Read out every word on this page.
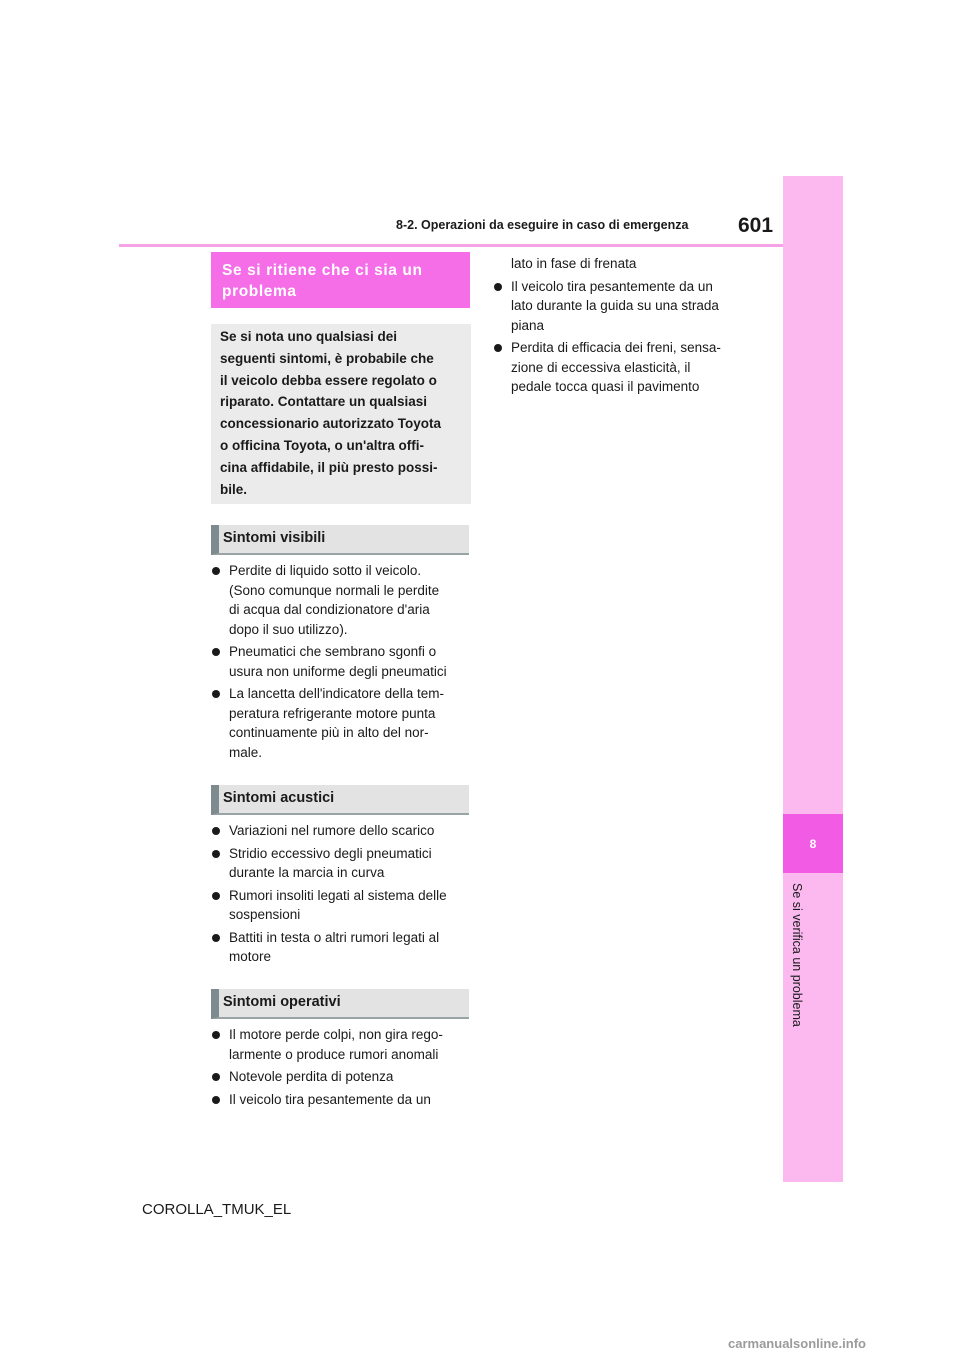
8-2. Operazioni da eseguire in caso di emergenza 601
8
Se si verifica un problema
Se si ritiene che ci sia un
problema
Se si nota uno qualsiasi dei
seguenti sintomi, è probabile che
il veicolo debba essere regolato o
riparato. Contattare un qualsiasi
concessionario autorizzato Toyota
o officina Toyota, o un'altra offi-
cina affidabile, il più presto possi-
bile.
Sintomi visibili
Perdite di liquido sotto il veicolo.
(Sono comunque normali le perdite
di acqua dal condizionatore d'aria
dopo il suo utilizzo).
Pneumatici che sembrano sgonfi o
usura non uniforme degli pneumatici
La lancetta dell'indicatore della tem-
peratura refrigerante motore punta
continuamente più in alto del nor-
male.
Sintomi acustici
Variazioni nel rumore dello scarico
Stridio eccessivo degli pneumatici
durante la marcia in curva
Rumori insoliti legati al sistema delle
sospensioni
Battiti in testa o altri rumori legati al
motore
Sintomi operativi
Il motore perde colpi, non gira rego-
larmente o produce rumori anomali
Notevole perdita di potenza
Il veicolo tira pesantemente da un
lato in fase di frenata
Il veicolo tira pesantemente da un
lato durante la guida su una strada
piana
Perdita di efficacia dei freni, sensa-
zione di eccessiva elasticità, il
pedale tocca quasi il pavimento
COROLLA_TMUK_EL
carmanualsonline.info
